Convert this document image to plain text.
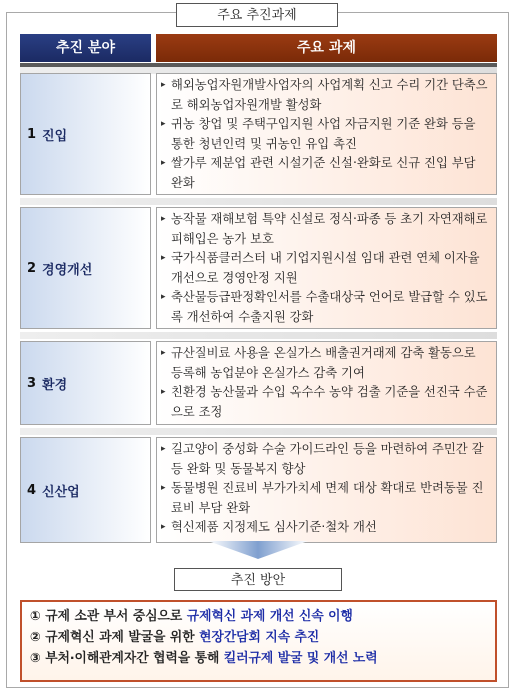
주요 추진과제
추진 분야	주요 과제
1 진입
▸ 해외농업자원개발사업자의 사업계획 신고 수리 기간 단축으로 해외농업자원개발 활성화
▸ 귀농 창업 및 주택구입지원 사업 자금지원 기준 완화 등을 통한 청년인력 및 귀농인 유입 촉진
▸ 쌀가루 제분업 관련 시설기준 신설‧완화로 신규 진입 부담 완화
2 경영개선
▸ 농작물 재해보험 특약 신설로 정식‧파종 등 초기 자연재해로 피해입은 농가 보호
▸ 국가식품클러스터 내 기업지원시설 임대 관련 연체 이자율 개선으로 경영안정 지원
▸ 축산물등급판정확인서를 수출대상국 언어로 발급할 수 있도록 개선하여 수출지원 강화
3 환경
▸ 규산질비료 사용을 온실가스 배출권거래제 감축 활동으로 등록해 농업분야 온실가스 감축 기여
▸ 친환경 농산물과 수입 옥수수 농약 검출 기준을 선진국 수준으로 조정
4 신산업
▸ 길고양이 중성화 수술 가이드라인 등을 마련하여 주민간 갈등 완화 및 동물복지 향상
▸ 동물병원 진료비 부가가치세 면제 대상 확대로 반려동물 진료비 부담 완화
▸ 혁신제품 지정제도 심사기준‧철차 개선
추진 방안
① 규제 소관 부서 중심으로 규제혁신 과제 개선 신속 이행
② 규제혁신 과제 발굴을 위한 현장간담회 지속 추진
③ 부처‧이해관계자간 협력을 통해 킬러규제 발굴 및 개선 노력
